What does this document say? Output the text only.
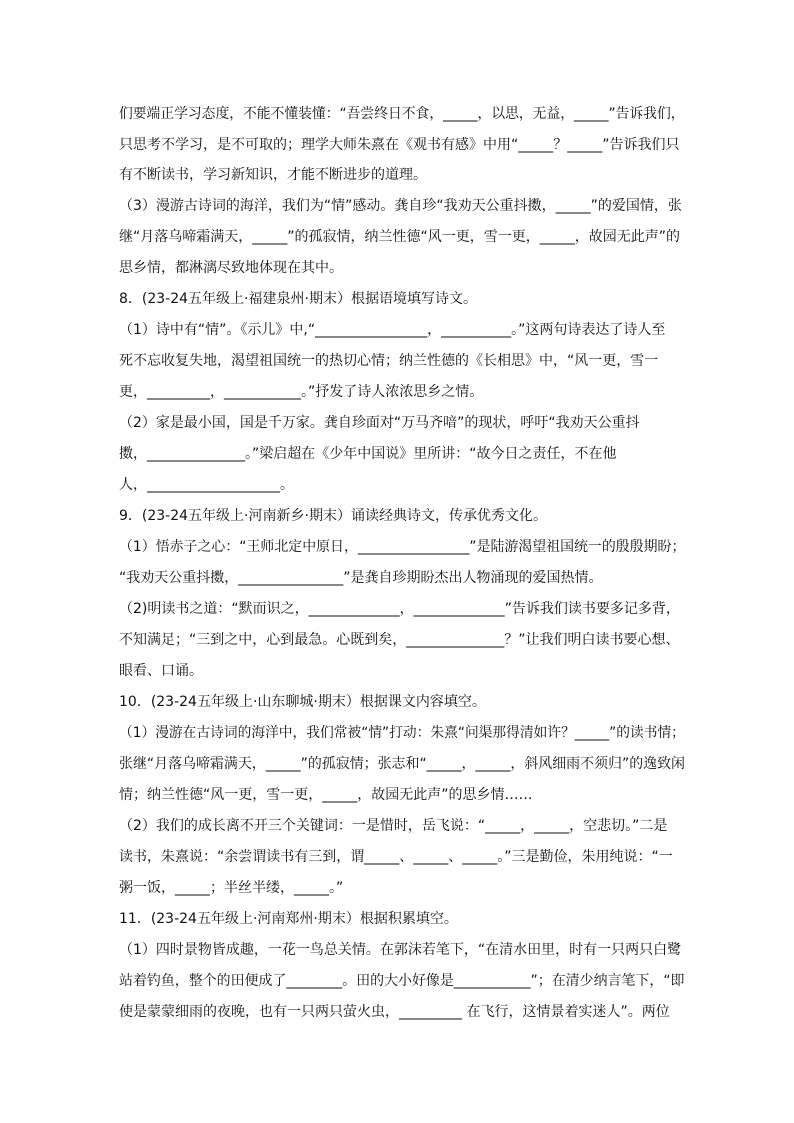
们要端正学习态度，不能不懂装懂：“吾尝终日不食，_____，以思，无益，_____”告诉我们，
只思考不学习，是不可取的；理学大师朱熹在《观书有感》中用“_____？_____”告诉我们只
有不断读书，学习新知识，才能不断进步的道理。
（3）漫游古诗词的海洋，我们为“情”感动。龚自珍“我劝天公重抖擞，_____”的爱国情，张
继“月落乌啼霜满天，_____”的孤寂情，纳兰性德“风一更，雪一更，_____，故园无此声”的
思乡情，都淋漓尽致地体现在其中。
8．(23-24五年级上·福建泉州·期末）根据语境填写诗文。
（1）诗中有“情”。《示儿》中,“________________，__________。”这两句诗表达了诗人至
死不忘收复失地，渴望祖国统一的热切心情；纳兰性德的《长相思》中，“风一更，雪一
更，_________，___________。”抒发了诗人浓浓思乡之情。
（2）家是最小国，国是千万家。龚自珍面对“万马齐喑”的现状，呼吁“我劝天公重抖
擞，______________。”梁启超在《少年中国说》里所讲：“故今日之责任，不在他
人，___________________。
9．(23-24五年级上·河南新乡·期末）诵读经典诗文，传承优秀文化。
（1）悟赤子之心：“王师北定中原日，________________”是陆游渴望祖国统一的殷殷期盼；
“我劝天公重抖擞，_______________”是龚自珍期盼杰出人物涌现的爱国热情。
（2)明读书之道：“默而识之，_____________，_____________”告诉我们读书要多记多背，
不知满足；“三到之中，心到最急。心既到矣，______________？”让我们明白读书要心想、
眼看、口诵。
10．(23-24五年级上·山东聊城·期末）根据课文内容填空。
（1）漫游在古诗词的海洋中，我们常被“情”打动：朱熹“问渠那得清如许？_____”的读书情；
张继“月落乌啼霜满天，_____”的孤寂情；张志和“_____，_____，斜风细雨不须归”的逸致闲
情；纳兰性德“风一更，雪一更，_____，故园无此声”的思乡情……
（2）我们的成长离不开三个关键词：一是惜时，岳飞说：“_____，_____，空悲切。”二是
读书，朱熹说：“余尝谓读书有三到，谓_____、_____、_____。”三是勤俭，朱用纯说：“一
粥一饭，_____；半丝半缕，_____。”
11．(23-24五年级上·河南郑州·期末）根据积累填空。
（1）四时景物皆成趣，一花一鸟总关情。在郭沫若笔下，“在清水田里，时有一只两只白鹭
站着钓鱼，整个的田便成了________。田的大小好像是___________”；在清少纳言笔下，“即
使是蒙蒙细雨的夜晚，也有一只两只萤火虫，_________ 在飞行，这情景着实迷人”。两位
